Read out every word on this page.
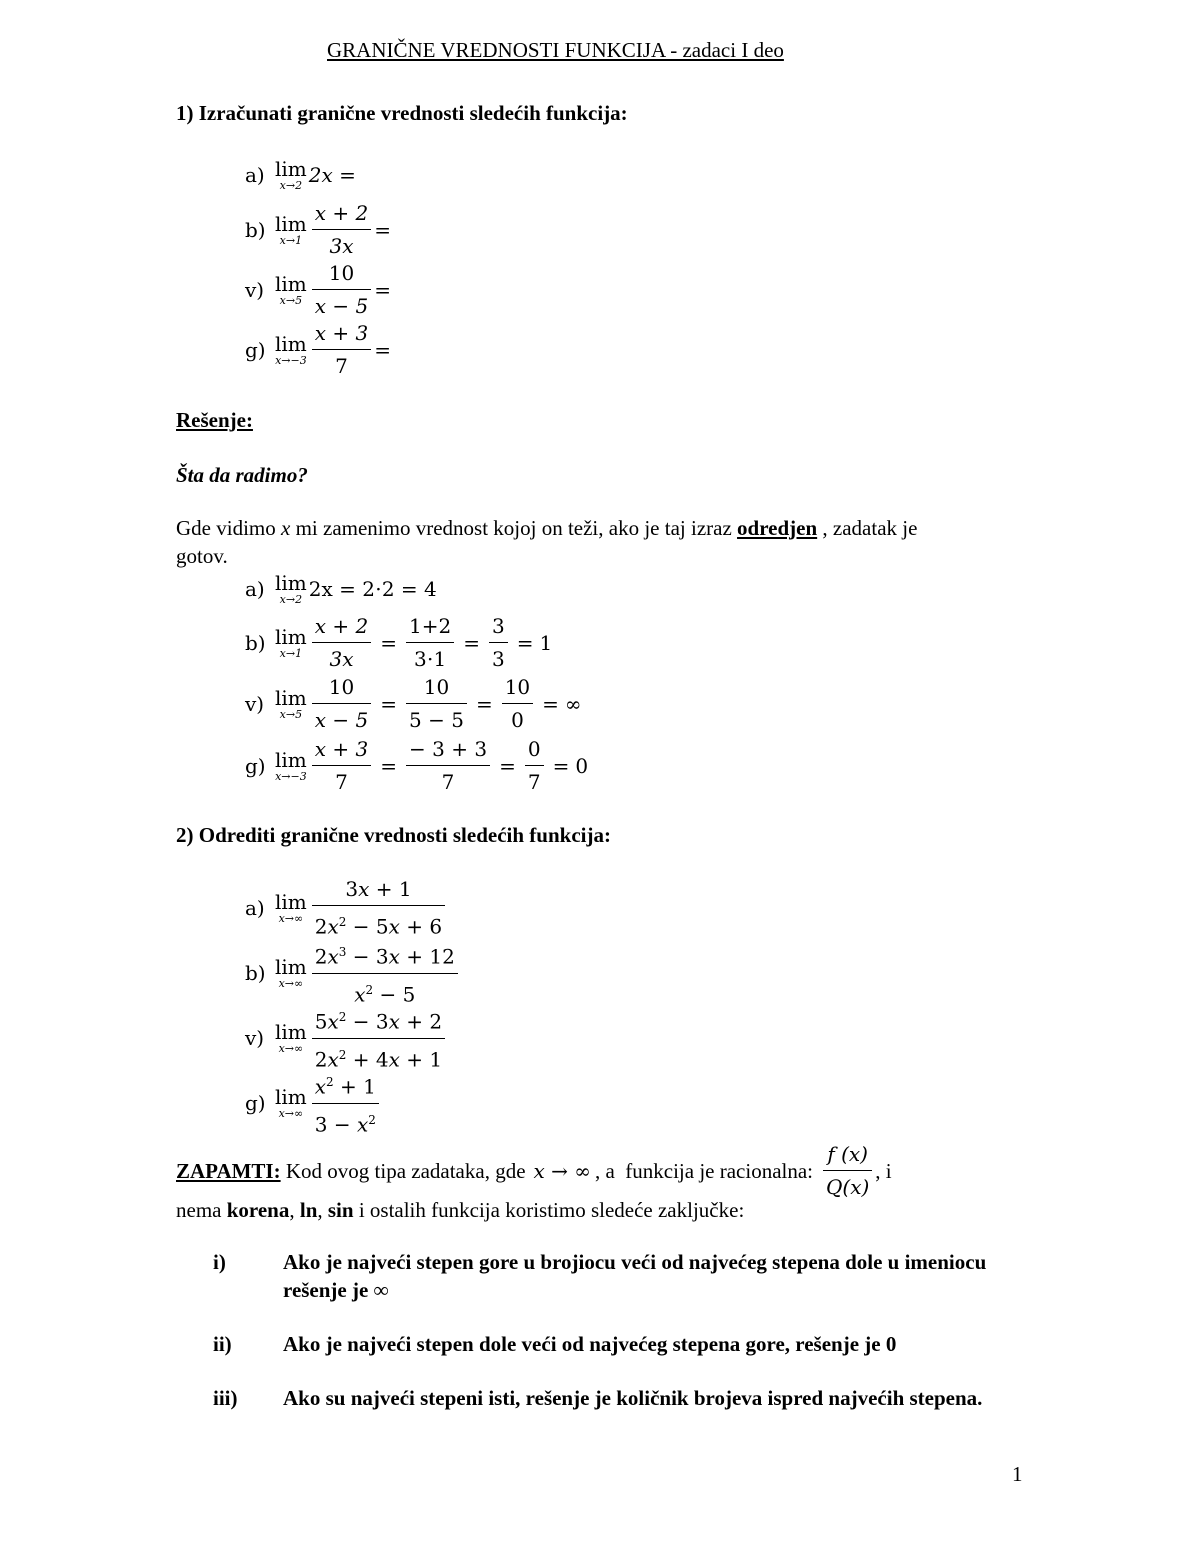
GRANIČNE VREDNOSTI FUNKCIJA - zadaci I deo
1) Izračunati granične vrednosti sledećih funkcija:
a) lim
x→2 2x =
b) lim
$x\to 1 \frac{x + 2}{3x}$ =
v) lim
$x\to 5 \frac{10}{x - 5}$ =
g) lim
$x\to-3 \frac{x + 3}{7}$ =
Rešenje:
Šta da radimo?
Gde vidimo x mi zamenimo vrednost kojoj on teži, ako je taj izraz odredjen , zadatak je
gotov.
a) lim
x→2 2x = 2⋅2 = 4
b) lim
$x\to 1 \frac{x + 2}{3x} = \frac{1+2}{3\cdot 1} = \frac{3}{3} = 1$
v) lim
$x\to 5 \frac{10}{x - 5} = \frac{10}{5 - 5} = \frac{10}{0}$ = ∞
g) lim
$x\to-3 \frac{x + 3}{7} = \frac{- 3 + 3}{7} = \frac{0}{7} = 0$
2) Odrediti granične vrednosti sledećih funkcija:
a) lim
$x\to\infty \frac{3x + 1}{2x^2 - 5x + 6}$
b) lim
$x\to\infty \frac{2x^3 - 3x + 12}{x^2 - 5}$
v) lim
$x\to\infty \frac{5x^2 - 3x + 2}{2x^2 + 4x + 1}$
g) lim
$x\to\infty \frac{x^2 + 1}{3 - x^2}$
ZAPAMTI: Kod ovog tipa zadataka, gde x → ∞ , a  funkcija je racionalna: $\frac{f (x)}{Q(x)}$ , i
nema korena, ln, sin i ostalih funkcija koristimo sledeće zaključke:
i)	Ako je najveći stepen gore u brojiocu veći od najvećeg stepena dole u imeniocu rešenje je ∞
ii) Ako je najveći stepen dole veći od najvećeg stepena gore, rešenje je 0
iii) Ako su najveći stepeni isti, rešenje je količnik brojeva ispred najvećih stepena.
1
